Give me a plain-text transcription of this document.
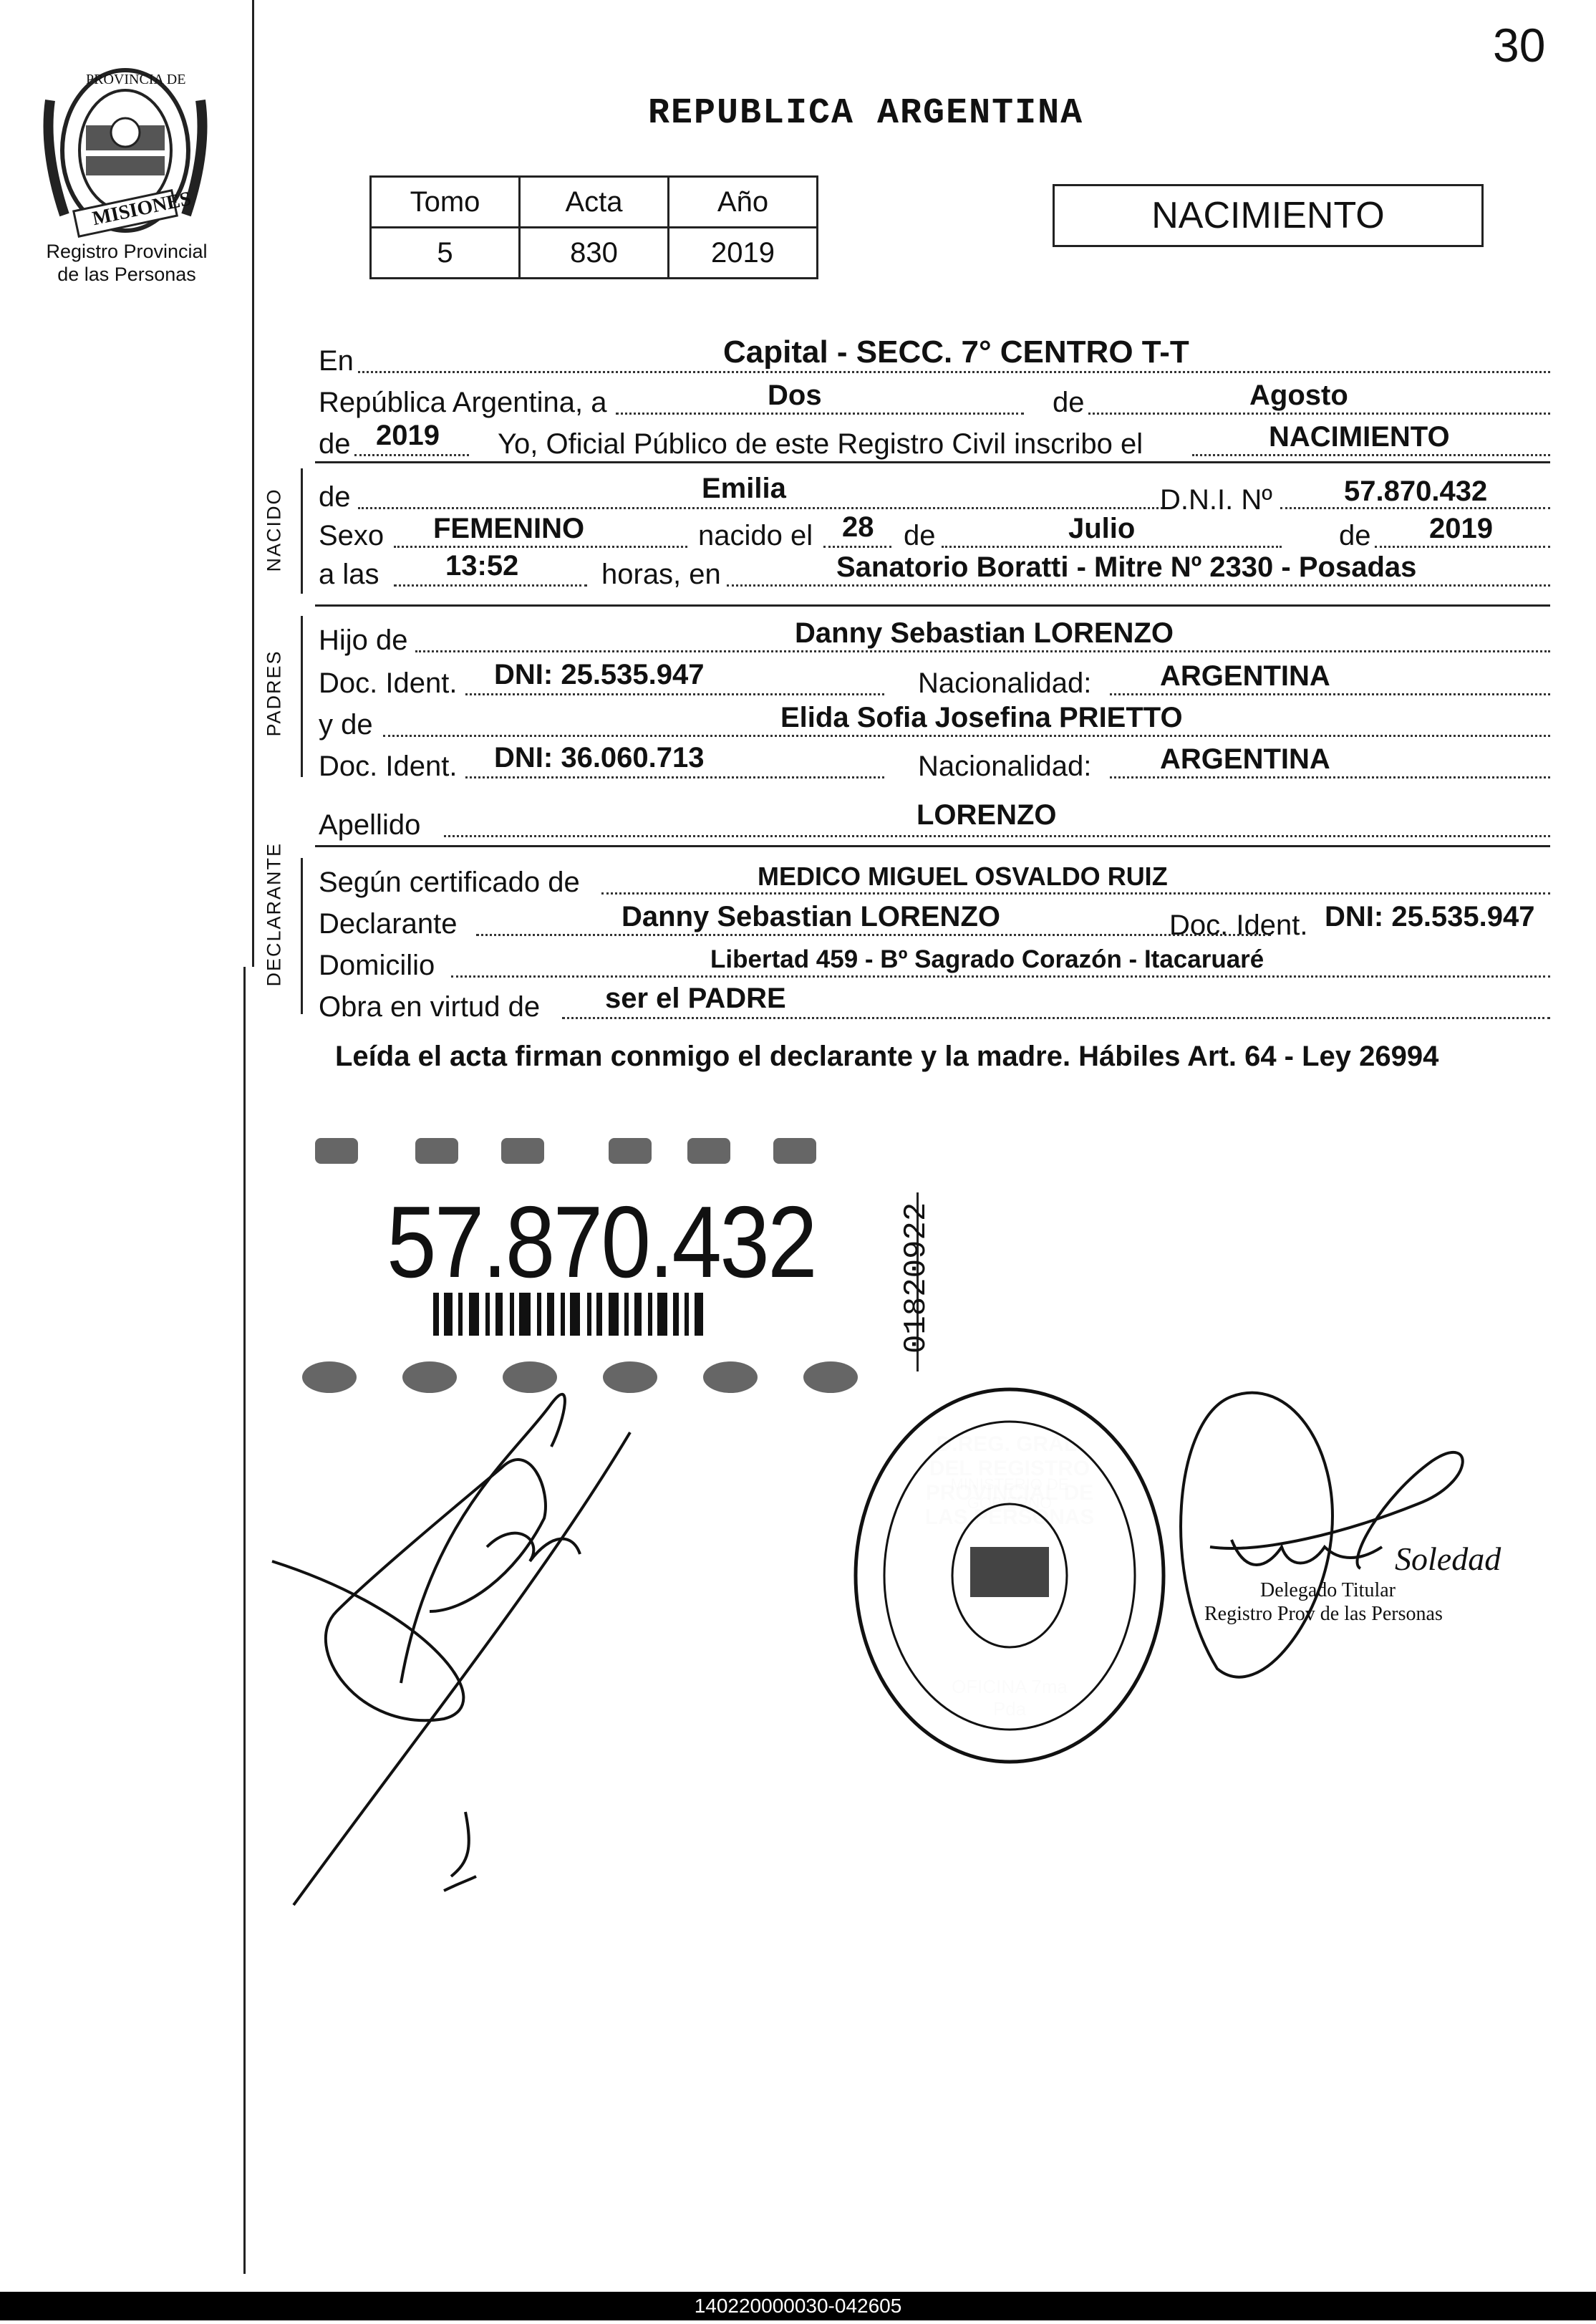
30
PROVINCIA DE
MISIONES
Registro Provincial
de las Personas
REPUBLICA ARGENTINA
Tomo	Acta	Año
5	830	2019
NACIMIENTO
En	Capital - SECC. 7° CENTRO T-T
República Argentina, a	Dos	de	Agosto
de 2019 Yo, Oficial Público de este Registro Civil inscribo el	NACIMIENTO
NACIDO de	Emilia	D.N.I. Nº	57.870.432
Sexo FEMENINO	nacido el 28 de	Julio	de 2019
a las 13:52	horas, en	Sanatorio Boratti - Mitre Nº 2330 - Posadas
PADRES
Hijo de	Danny Sebastian LORENZO
Doc. Ident. DNI: 25.535.947	Nacionalidad: ARGENTINA
y de	Elida Sofia Josefina PRIETTO
Doc. Ident. DNI: 36.060.713	Nacionalidad: ARGENTINA
Apellido	LORENZO
DECLARANTE Según certificado de	MEDICO MIGUEL OSVALDO RUIZ
Declarante	Danny Sebastian LORENZO	Doc. Ident. DNI: 25.535.947
Domicilio	Libertad 459 - Bº Sagrado Corazón - Itacaruaré
Obra en virtud de ser el PADRE
Leída el acta firman conmigo el declarante y la madre. Hábiles Art. 64 - Ley 26994
57.870.432	01820922
Soledad
Delegado Titular
Registro Prov de las Personas
140220000030-042605
